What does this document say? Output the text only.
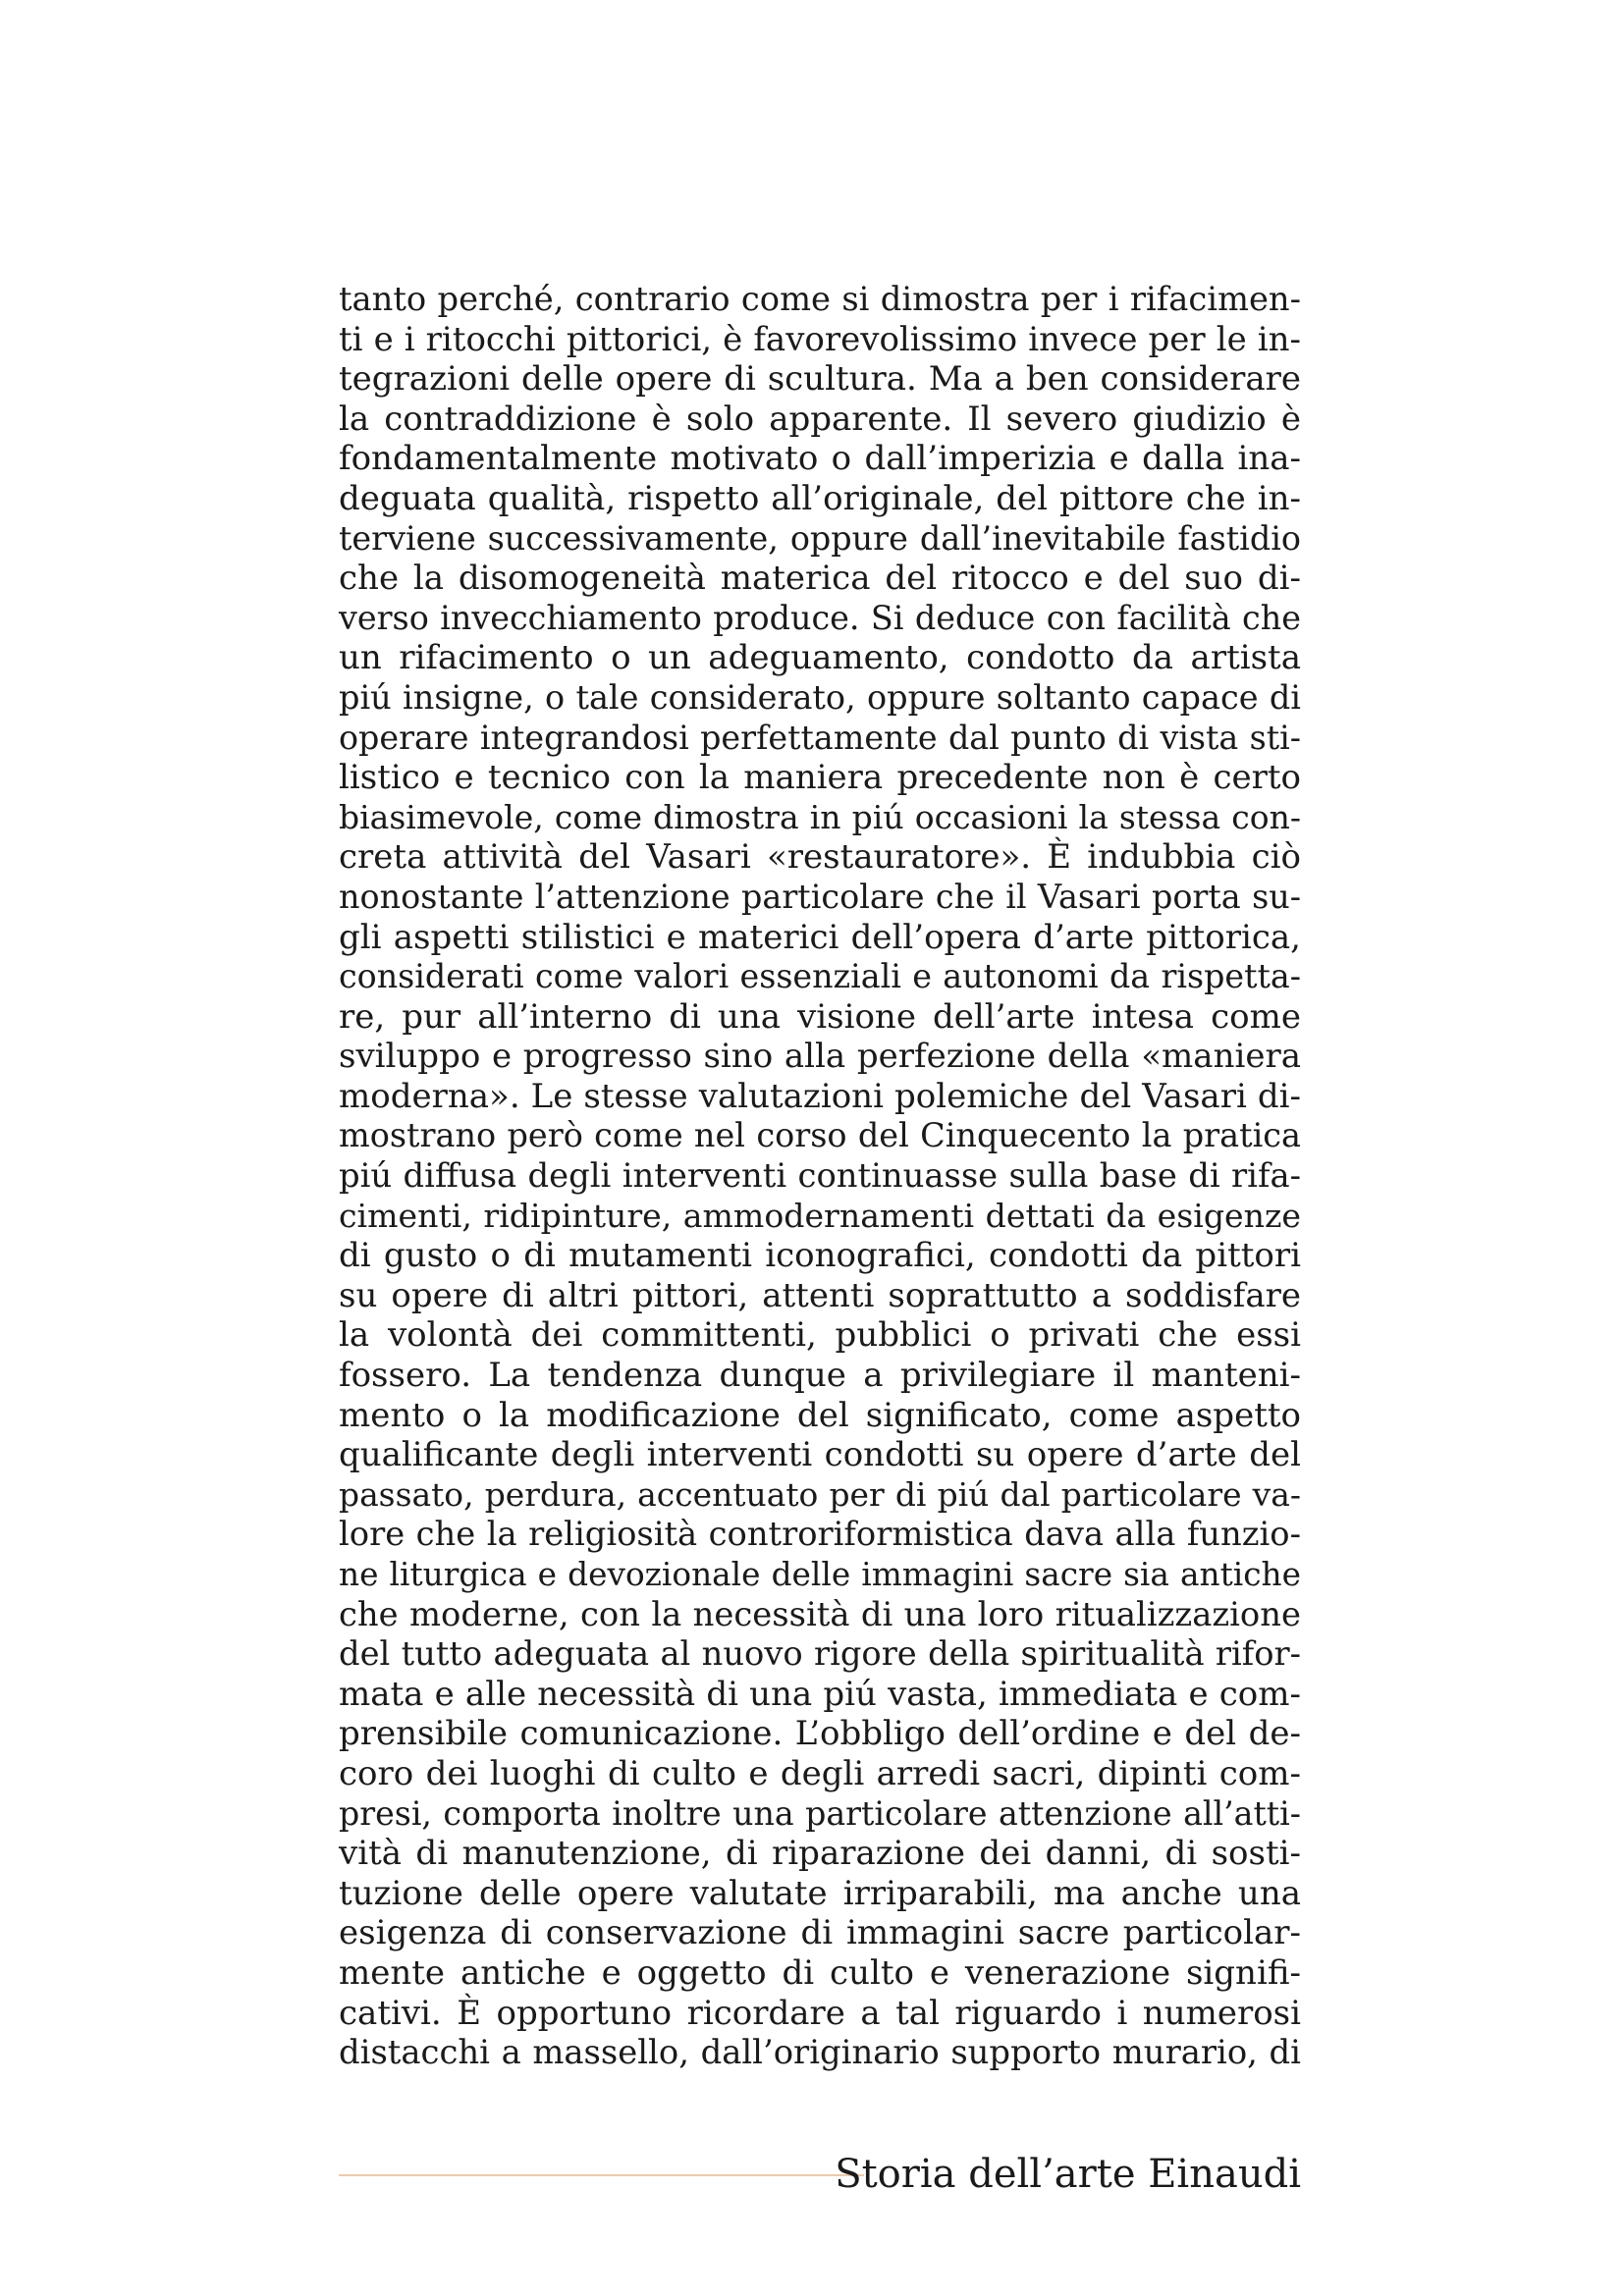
tanto perché, contrario come si dimostra per i rifacimen-
ti e i ritocchi pittorici, è favorevolissimo invece per le in-
tegrazioni delle opere di scultura. Ma a ben considerare
la contraddizione è solo apparente. Il severo giudizio è
fondamentalmente motivato o dall’imperizia e dalla ina-
deguata qualità, rispetto all’originale, del pittore che in-
terviene successivamente, oppure dall’inevitabile fastidio
che la disomogeneità materica del ritocco e del suo di-
verso invecchiamento produce. Si deduce con facilità che
un rifacimento o un adeguamento, condotto da artista
piú insigne, o tale considerato, oppure soltanto capace di
operare integrandosi perfettamente dal punto di vista sti-
listico e tecnico con la maniera precedente non è certo
biasimevole, come dimostra in piú occasioni la stessa con-
creta attività del Vasari «restauratore». È indubbia ciò
nonostante l’attenzione particolare che il Vasari porta su-
gli aspetti stilistici e materici dell’opera d’arte pittorica,
considerati come valori essenziali e autonomi da rispetta-
re, pur all’interno di una visione dell’arte intesa come
sviluppo e progresso sino alla perfezione della «maniera
moderna». Le stesse valutazioni polemiche del Vasari di-
mostrano però come nel corso del Cinquecento la pratica
piú diffusa degli interventi continuasse sulla base di rifa-
cimenti, ridipinture, ammodernamenti dettati da esigenze
di gusto o di mutamenti iconografici, condotti da pittori
su opere di altri pittori, attenti soprattutto a soddisfare
la volontà dei committenti, pubblici o privati che essi
fossero. La tendenza dunque a privilegiare il manteni-
mento o la modificazione del significato, come aspetto
qualificante degli interventi condotti su opere d’arte del
passato, perdura, accentuato per di piú dal particolare va-
lore che la religiosità controriformistica dava alla funzio-
ne liturgica e devozionale delle immagini sacre sia antiche
che moderne, con la necessità di una loro ritualizzazione
del tutto adeguata al nuovo rigore della spiritualità rifor-
mata e alle necessità di una piú vasta, immediata e com-
prensibile comunicazione. L’obbligo dell’ordine e del de-
coro dei luoghi di culto e degli arredi sacri, dipinti com-
presi, comporta inoltre una particolare attenzione all’atti-
vità di manutenzione, di riparazione dei danni, di sosti-
tuzione delle opere valutate irriparabili, ma anche una
esigenza di conservazione di immagini sacre particolar-
mente antiche e oggetto di culto e venerazione signifi-
cativi. È opportuno ricordare a tal riguardo i numerosi
distacchi a massello, dall’originario supporto murario, di
Storia dell’arte Einaudi
